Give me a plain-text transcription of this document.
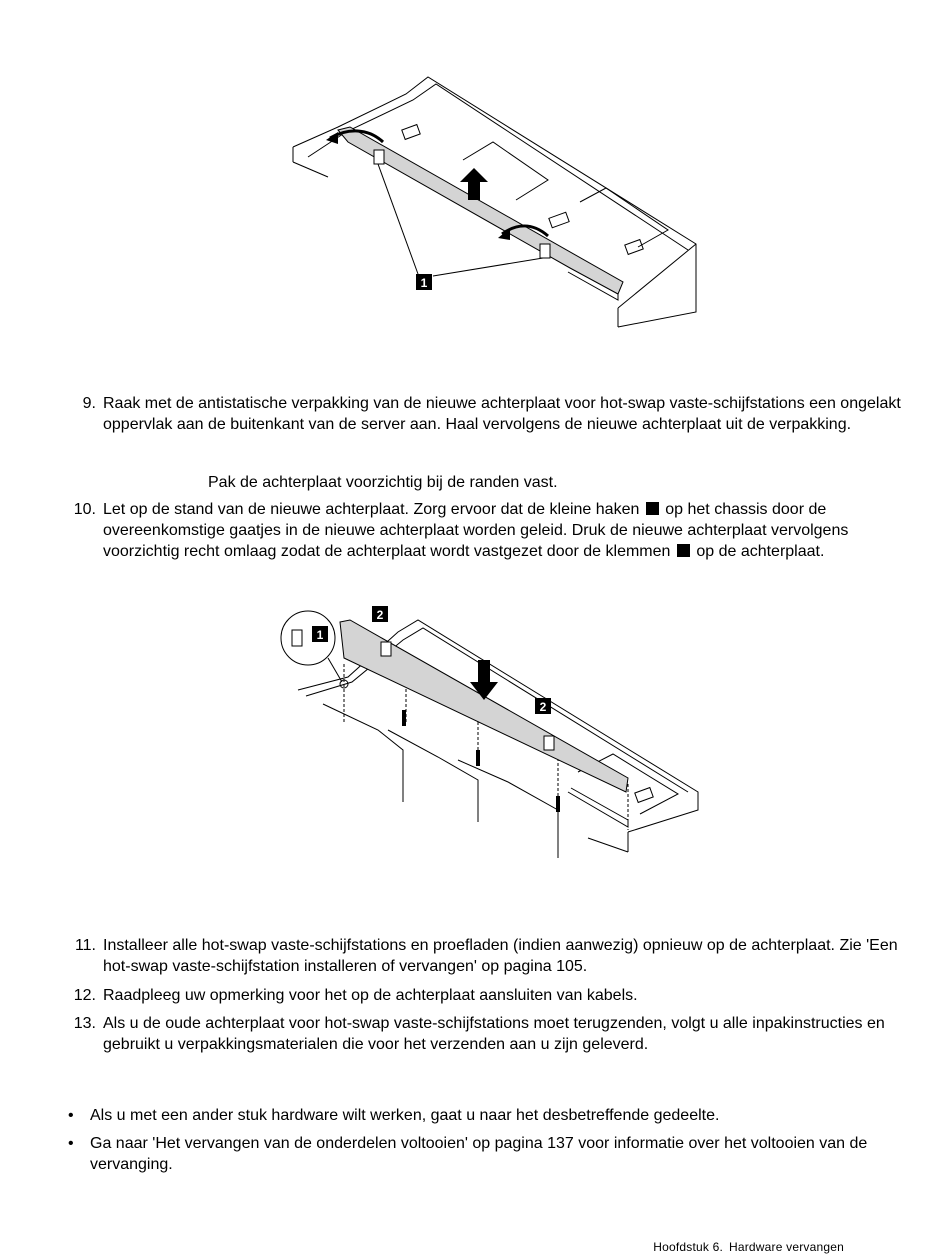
1
9. Raak met de antistatische verpakking van de nieuwe achterplaat voor hot-swap vaste-schijfstations een ongelakt oppervlak aan de buitenkant van de server aan. Haal vervolgens de nieuwe achterplaat uit de verpakking.
Pak de achterplaat voorzichtig bij de randen vast.
10. Let op de stand van de nieuwe achterplaat. Zorg ervoor dat de kleine haken op het chassis door de overeenkomstige gaatjes in de nieuwe achterplaat worden geleid. Druk de nieuwe achterplaat vervolgens voorzichtig recht omlaag zodat de achterplaat wordt vastgezet door de klemmen op de achterplaat.
1
2
2
11. Installeer alle hot-swap vaste-schijfstations en proefladen (indien aanwezig) opnieuw op de achterplaat. Zie 'Een hot-swap vaste-schijfstation installeren of vervangen' op pagina 105.
12. Raadpleeg uw opmerking voor het op de achterplaat aansluiten van kabels.
13. Als u de oude achterplaat voor hot-swap vaste-schijfstations moet terugzenden, volgt u alle inpakinstructies en gebruikt u verpakkingsmaterialen die voor het verzenden aan u zijn geleverd.
• Als u met een ander stuk hardware wilt werken, gaat u naar het desbetreffende gedeelte.
• Ga naar 'Het vervangen van de onderdelen voltooien' op pagina 137 voor informatie over het voltooien van de vervanging.
Hoofdstuk 6. Hardware vervangen
